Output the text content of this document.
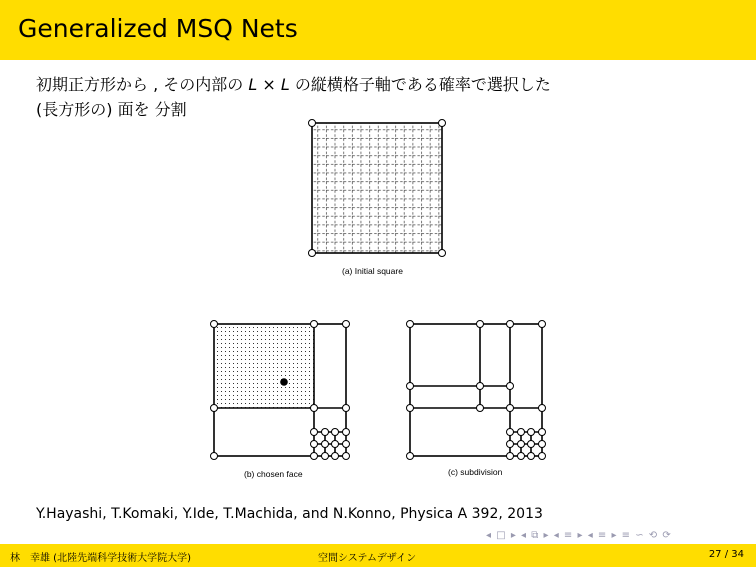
Generalized MSQ Nets
初期正方形から , その内部の L × L の縦横格子軸である確率で選択した
(長方形の) 面を 分割
(a) Initial square
(b) chosen face	(c) subdivision
Y.Hayashi, T.Komaki, Y.Ide, T.Machida, and N.Konno, Physica A 392, 2013
◂ □ ▸ ◂ ⧉ ▸ ◂ ≡ ▸ ◂ ≡ ▸ ≡ ∽ ⟲ ⟳
林　幸雄 (北陸先端科学技術大学院大学)	空間システムデザイン	27 / 34
